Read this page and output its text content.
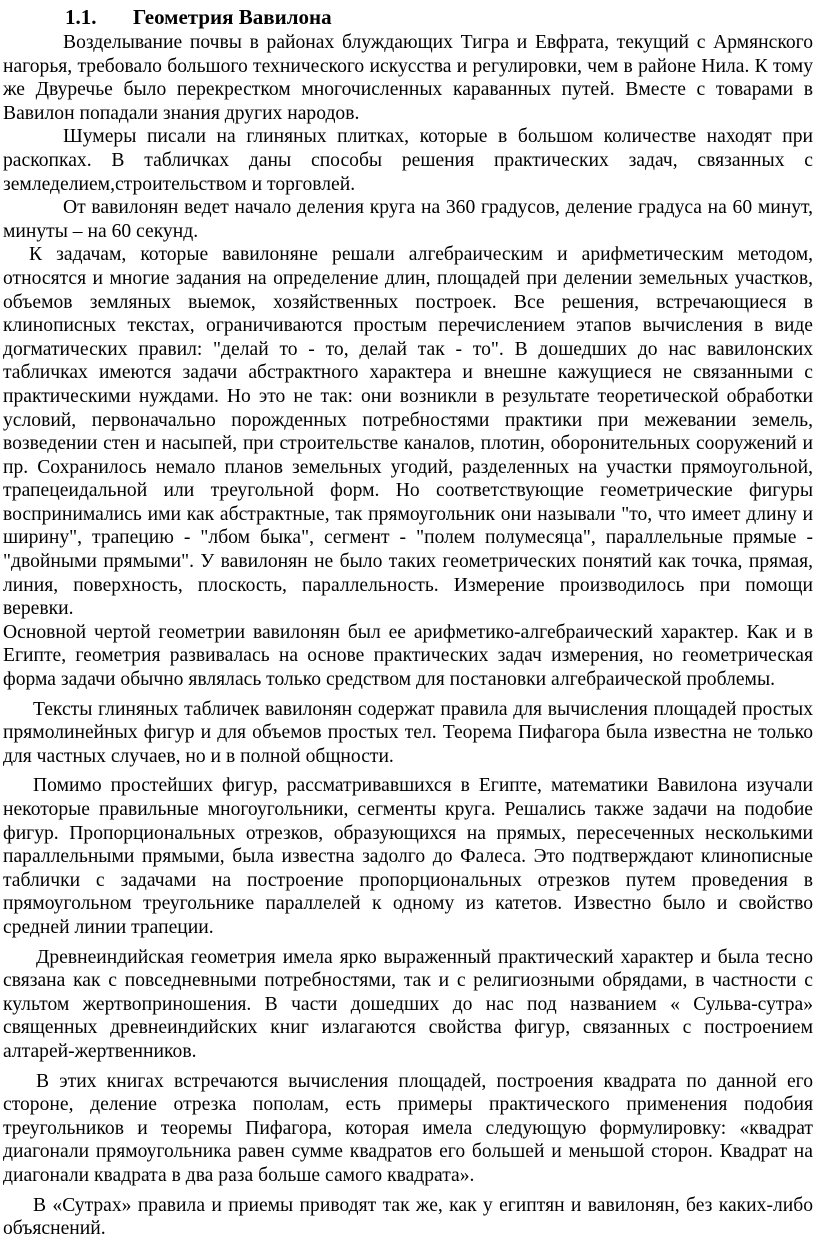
1.1. Геометрия Вавилона

Возделывание почвы в районах блуждающих Тигра и Евфрата, текущий с Армянского нагорья, требовало большого технического искусства и регулировки, чем в районе Нила. К тому же Двуречье было перекрестком многочисленных караванных путей. Вместе с товарами в Вавилон попадали знания других народов.

Шумеры писали на глиняных плитках, которые в большом количестве находят при раскопках. В табличках даны способы решения практических задач, связанных с земледелием,строительством и торговлей.

От вавилонян ведет начало деления круга на 360 градусов, деление градуса на 60 минут, минуты – на 60 секунд.

К задачам, которые вавилоняне решали алгебраическим и арифметическим методом, относятся и многие задания на определение длин, площадей при делении земельных участков, объемов земляных выемок, хозяйственных построек. Все решения, встречающиеся в клинописных текстах, ограничиваются простым перечислением этапов вычисления в виде догматических правил: "делай то - то, делай так - то". В дошедших до нас вавилонских табличках имеются задачи абстрактного характера и внешне кажущиеся не связанными с практическими нуждами. Но это не так: они возникли в результате теоретической обработки условий, первоначально порожденных потребностями практики при межевании земель, возведении стен и насыпей, при строительстве каналов, плотин, оборонительных сооружений и пр. Сохранилось немало планов земельных угодий, разделенных на участки прямоугольной, трапецеидальной или треугольной форм. Но соответствующие геометрические фигуры воспринимались ими как абстрактные, так прямоугольник они называли "то, что имеет длину и ширину", трапецию - "лбом быка", сегмент - "полем полумесяца", параллельные прямые - "двойными прямыми". У вавилонян не было таких геометрических понятий как точка, прямая, линия, поверхность, плоскость, параллельность. Измерение производилось при помощи веревки.

Основной чертой геометрии вавилонян был ее арифметико-алгебраический характер. Как и в Египте, геометрия развивалась на основе практических задач измерения, но геометрическая форма задачи обычно являлась только средством для постановки алгебраической проблемы.

Тексты глиняных табличек вавилонян содержат правила для вычисления площадей простых прямолинейных фигур и для объемов простых тел. Теорема Пифагора была известна не только для частных случаев, но и в полной общности.

Помимо простейших фигур, рассматривавшихся в Египте, математики Вавилона изучали некоторые правильные многоугольники, сегменты круга. Решались также задачи на подобие фигур. Пропорциональных отрезков, образующихся на прямых, пересеченных несколькими параллельными прямыми, была известна задолго до Фалеса. Это подтверждают клинописные таблички с задачами на построение пропорциональных отрезков путем проведения в прямоугольном треугольнике параллелей к одному из катетов. Известно было и свойство средней линии трапеции.

Древнеиндийская геометрия имела ярко выраженный практический характер и была тесно связана как с повседневными потребностями, так и с религиозными обрядами, в частности с культом жертвоприношения. В части дошедших до нас под названием « Сульва-сутра» священных древнеиндийских книг излагаются свойства фигур, связанных с построением алтарей-жертвенников.

В этих книгах встречаются вычисления площадей, построения квадрата по данной его стороне, деление отрезка пополам, есть примеры практического применения подобия треугольников и теоремы Пифагора, которая имела следующую формулировку: «квадрат диагонали прямоугольника равен сумме квадратов его большей и меньшой сторон. Квадрат на диагонали квадрата в два раза больше самого квадрата».

В «Сутрах» правила и приемы приводят так же, как у египтян и вавилонян, без каких-либо объяснений.
